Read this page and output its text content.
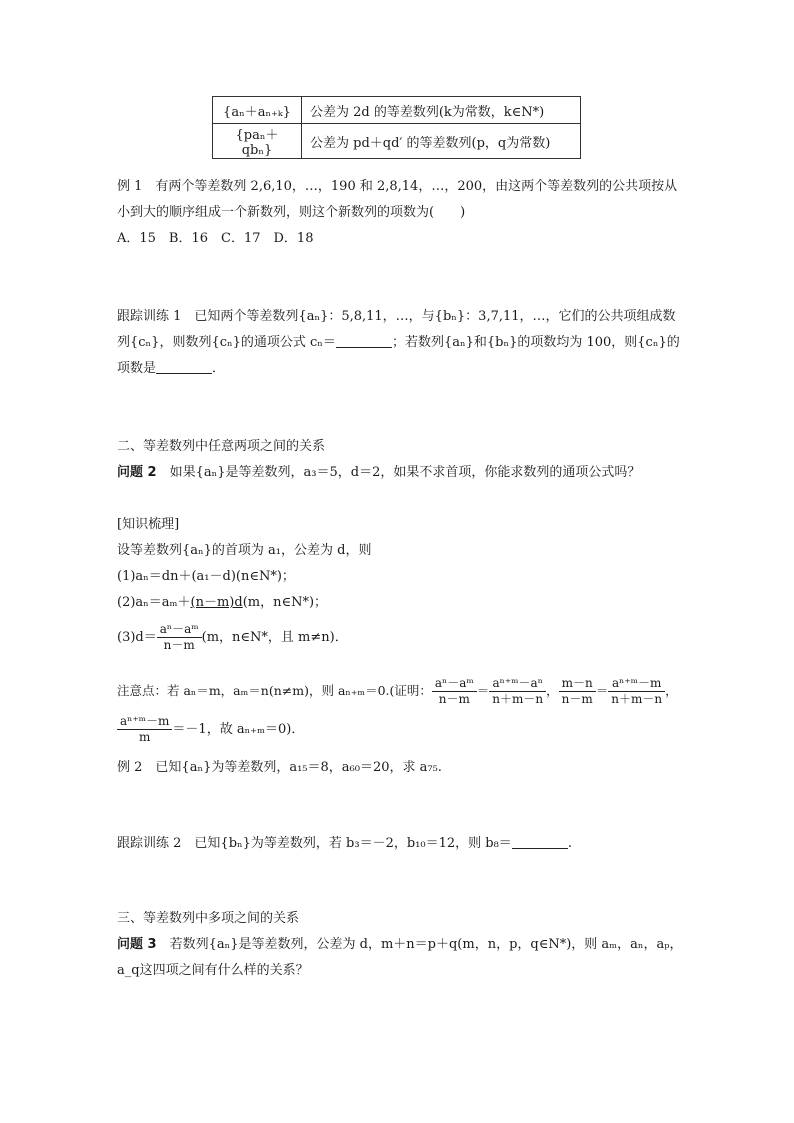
{aₙ＋aₙ₊ₖ}	公差为 2d 的等差数列(k为常数，k∈N*)
{paₙ＋qbₙ}	公差为 pd＋qd′ 的等差数列(p，q为常数)
例 1　 有两个等差数列 2,6,10，…，190 和 2,8,14，…，200，由这两个等差数列的公共项按从
小到大的顺序组成一个新数列，则这个新数列的项数为(　　)
A．15　B．16　C．17　D．18
跟踪训练 1　 已知两个等差数列{aₙ}：5,8,11，…，与{bₙ}：3,7,11，…，它们的公共项组成数
列{cₙ}，则数列{cₙ}的通项公式 cₙ＝	；若数列{aₙ}和{bₙ}的项数均为 100，则{cₙ}的
项数是	．
二、等差数列中任意两项之间的关系
问题 2　 如果{aₙ}是等差数列，a₃＝5，d＝2，如果不求首项，你能求数列的通项公式吗？
[知识梳理]
设等差数列{aₙ}的首项为 a₁，公差为 d，则
(1)aₙ＝dn＋(a₁－d)(n∈N*)；
(2)aₙ＝aₘ＋(n－m)d(m，n∈N*)；
$(3)d= \frac{\text{aⁿ－aᵐ}}{n-m} (m$，n∈N*，且 m≠n)．
注意点：若 aₙ＝m，aₘ＝n(n≠m)，则 aₙ₊ₘ＝0.(证明： $\frac{\text{aⁿ－aᵐ}}{n-m} = \frac{\text{aⁿ⁺ᵐ－aⁿ}}{n+m-n}$ ， $\frac{m-n}{n-m} = \frac{\text{aⁿ⁺ᵐ－m}}{n+m-n}$ ，
$\frac{\text{aⁿ⁺ᵐ－m}}{m} =-1$，故 aₙ₊ₘ＝0)．
例 2　 已知{aₙ}为等差数列，a₁₅＝8，a₆₀＝20，求 a₇₅.
跟踪训练 2　 已知{bₙ}为等差数列，若 b₃＝－2，b₁₀＝12，则 b₈＝	.
三、等差数列中多项之间的关系
问题 3　 若数列{aₙ}是等差数列，公差为 d，m＋n＝p＋q(m，n，p，q∈N*)，则 aₘ，aₙ，aₚ，
a_q这四项之间有什么样的关系？
